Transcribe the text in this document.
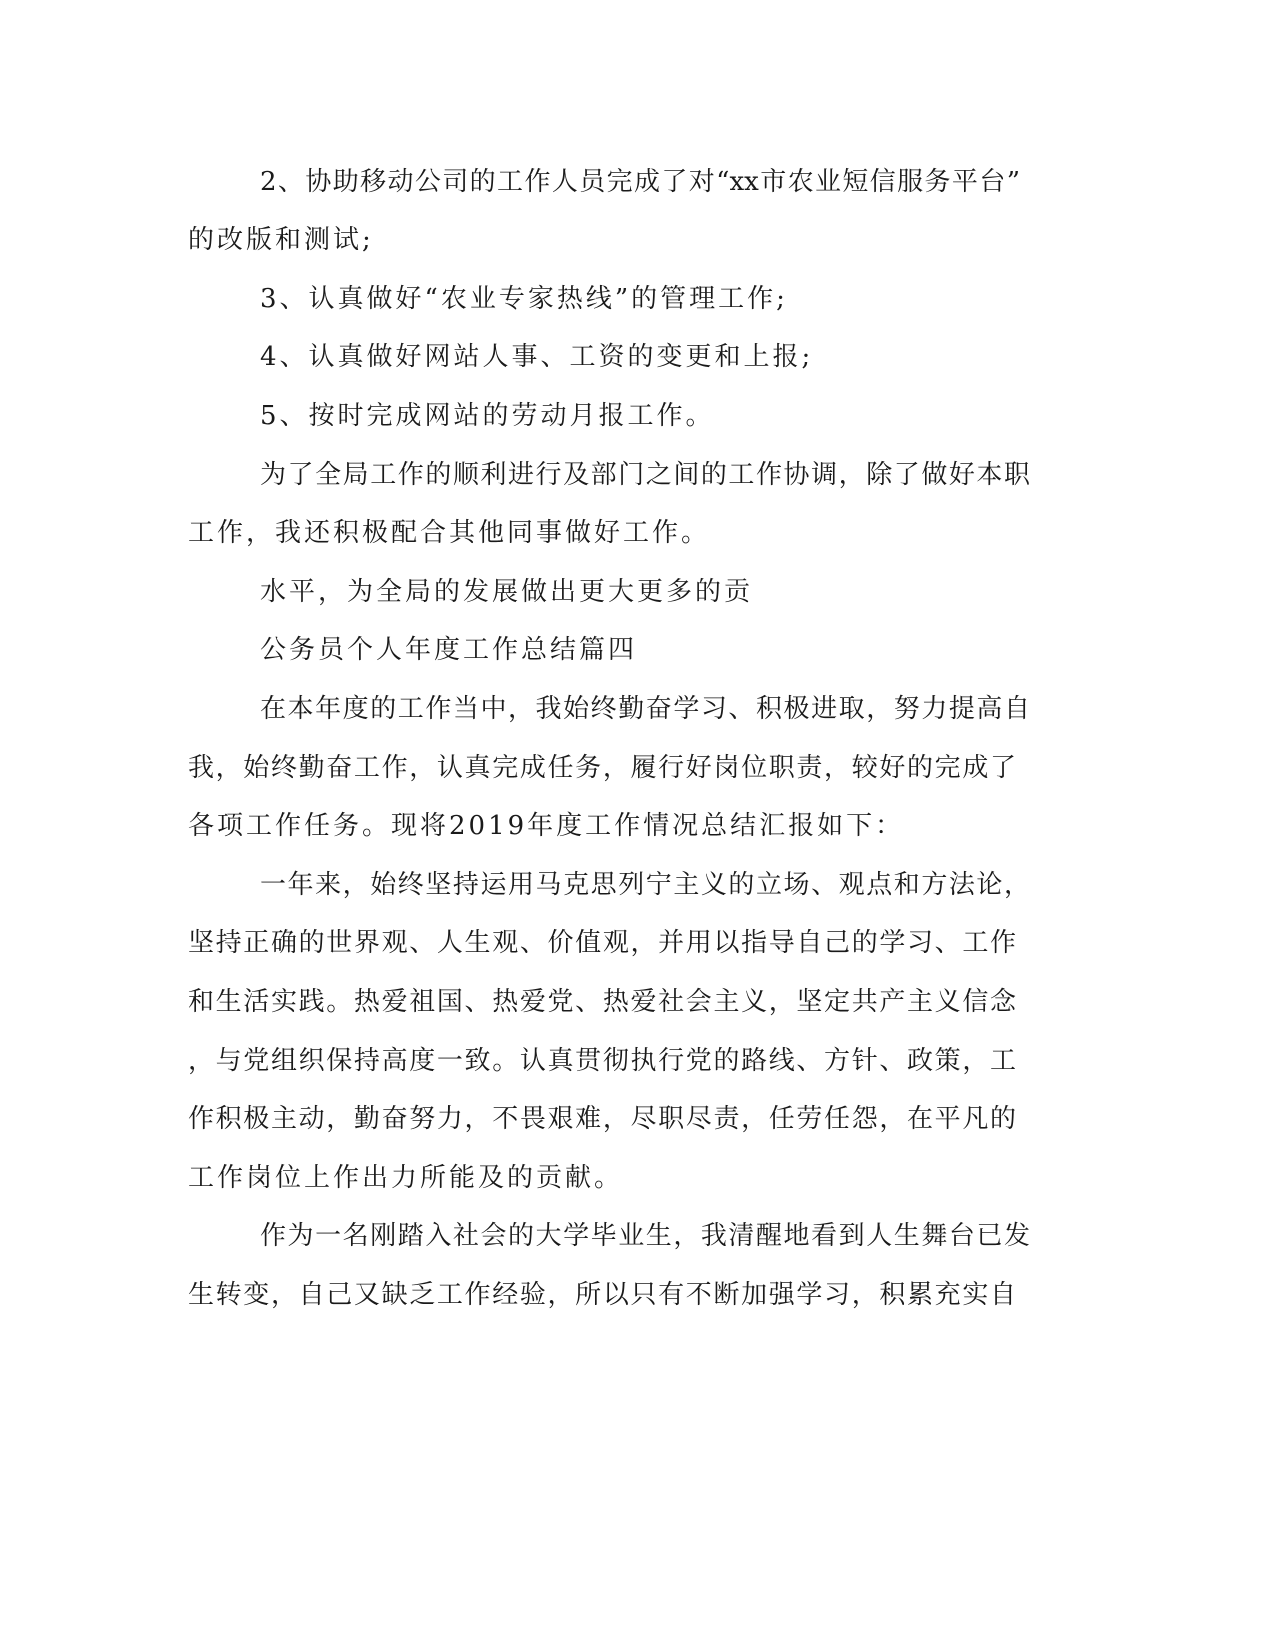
2、协助移动公司的工作人员完成了对“xx市农业短信服务平台”
的改版和测试;
3、认真做好“农业专家热线”的管理工作;
4、认真做好网站人事、工资的变更和上报;
5、按时完成网站的劳动月报工作。
为了全局工作的顺利进行及部门之间的工作协调，除了做好本职
工作，我还积极配合其他同事做好工作。
水平，为全局的发展做出更大更多的贡
公务员个人年度工作总结篇四
在本年度的工作当中，我始终勤奋学习、积极进取，努力提高自
我，始终勤奋工作，认真完成任务，履行好岗位职责，较好的完成了
各项工作任务。现将2019年度工作情况总结汇报如下：
一年来，始终坚持运用马克思列宁主义的立场、观点和方法论，
坚持正确的世界观、人生观、价值观，并用以指导自己的学习、工作
和生活实践。热爱祖国、热爱党、热爱社会主义，坚定共产主义信念
，与党组织保持高度一致。认真贯彻执行党的路线、方针、政策，工
作积极主动，勤奋努力，不畏艰难，尽职尽责，任劳任怨，在平凡的
工作岗位上作出力所能及的贡献。
作为一名刚踏入社会的大学毕业生，我清醒地看到人生舞台已发
生转变，自己又缺乏工作经验，所以只有不断加强学习，积累充实自
